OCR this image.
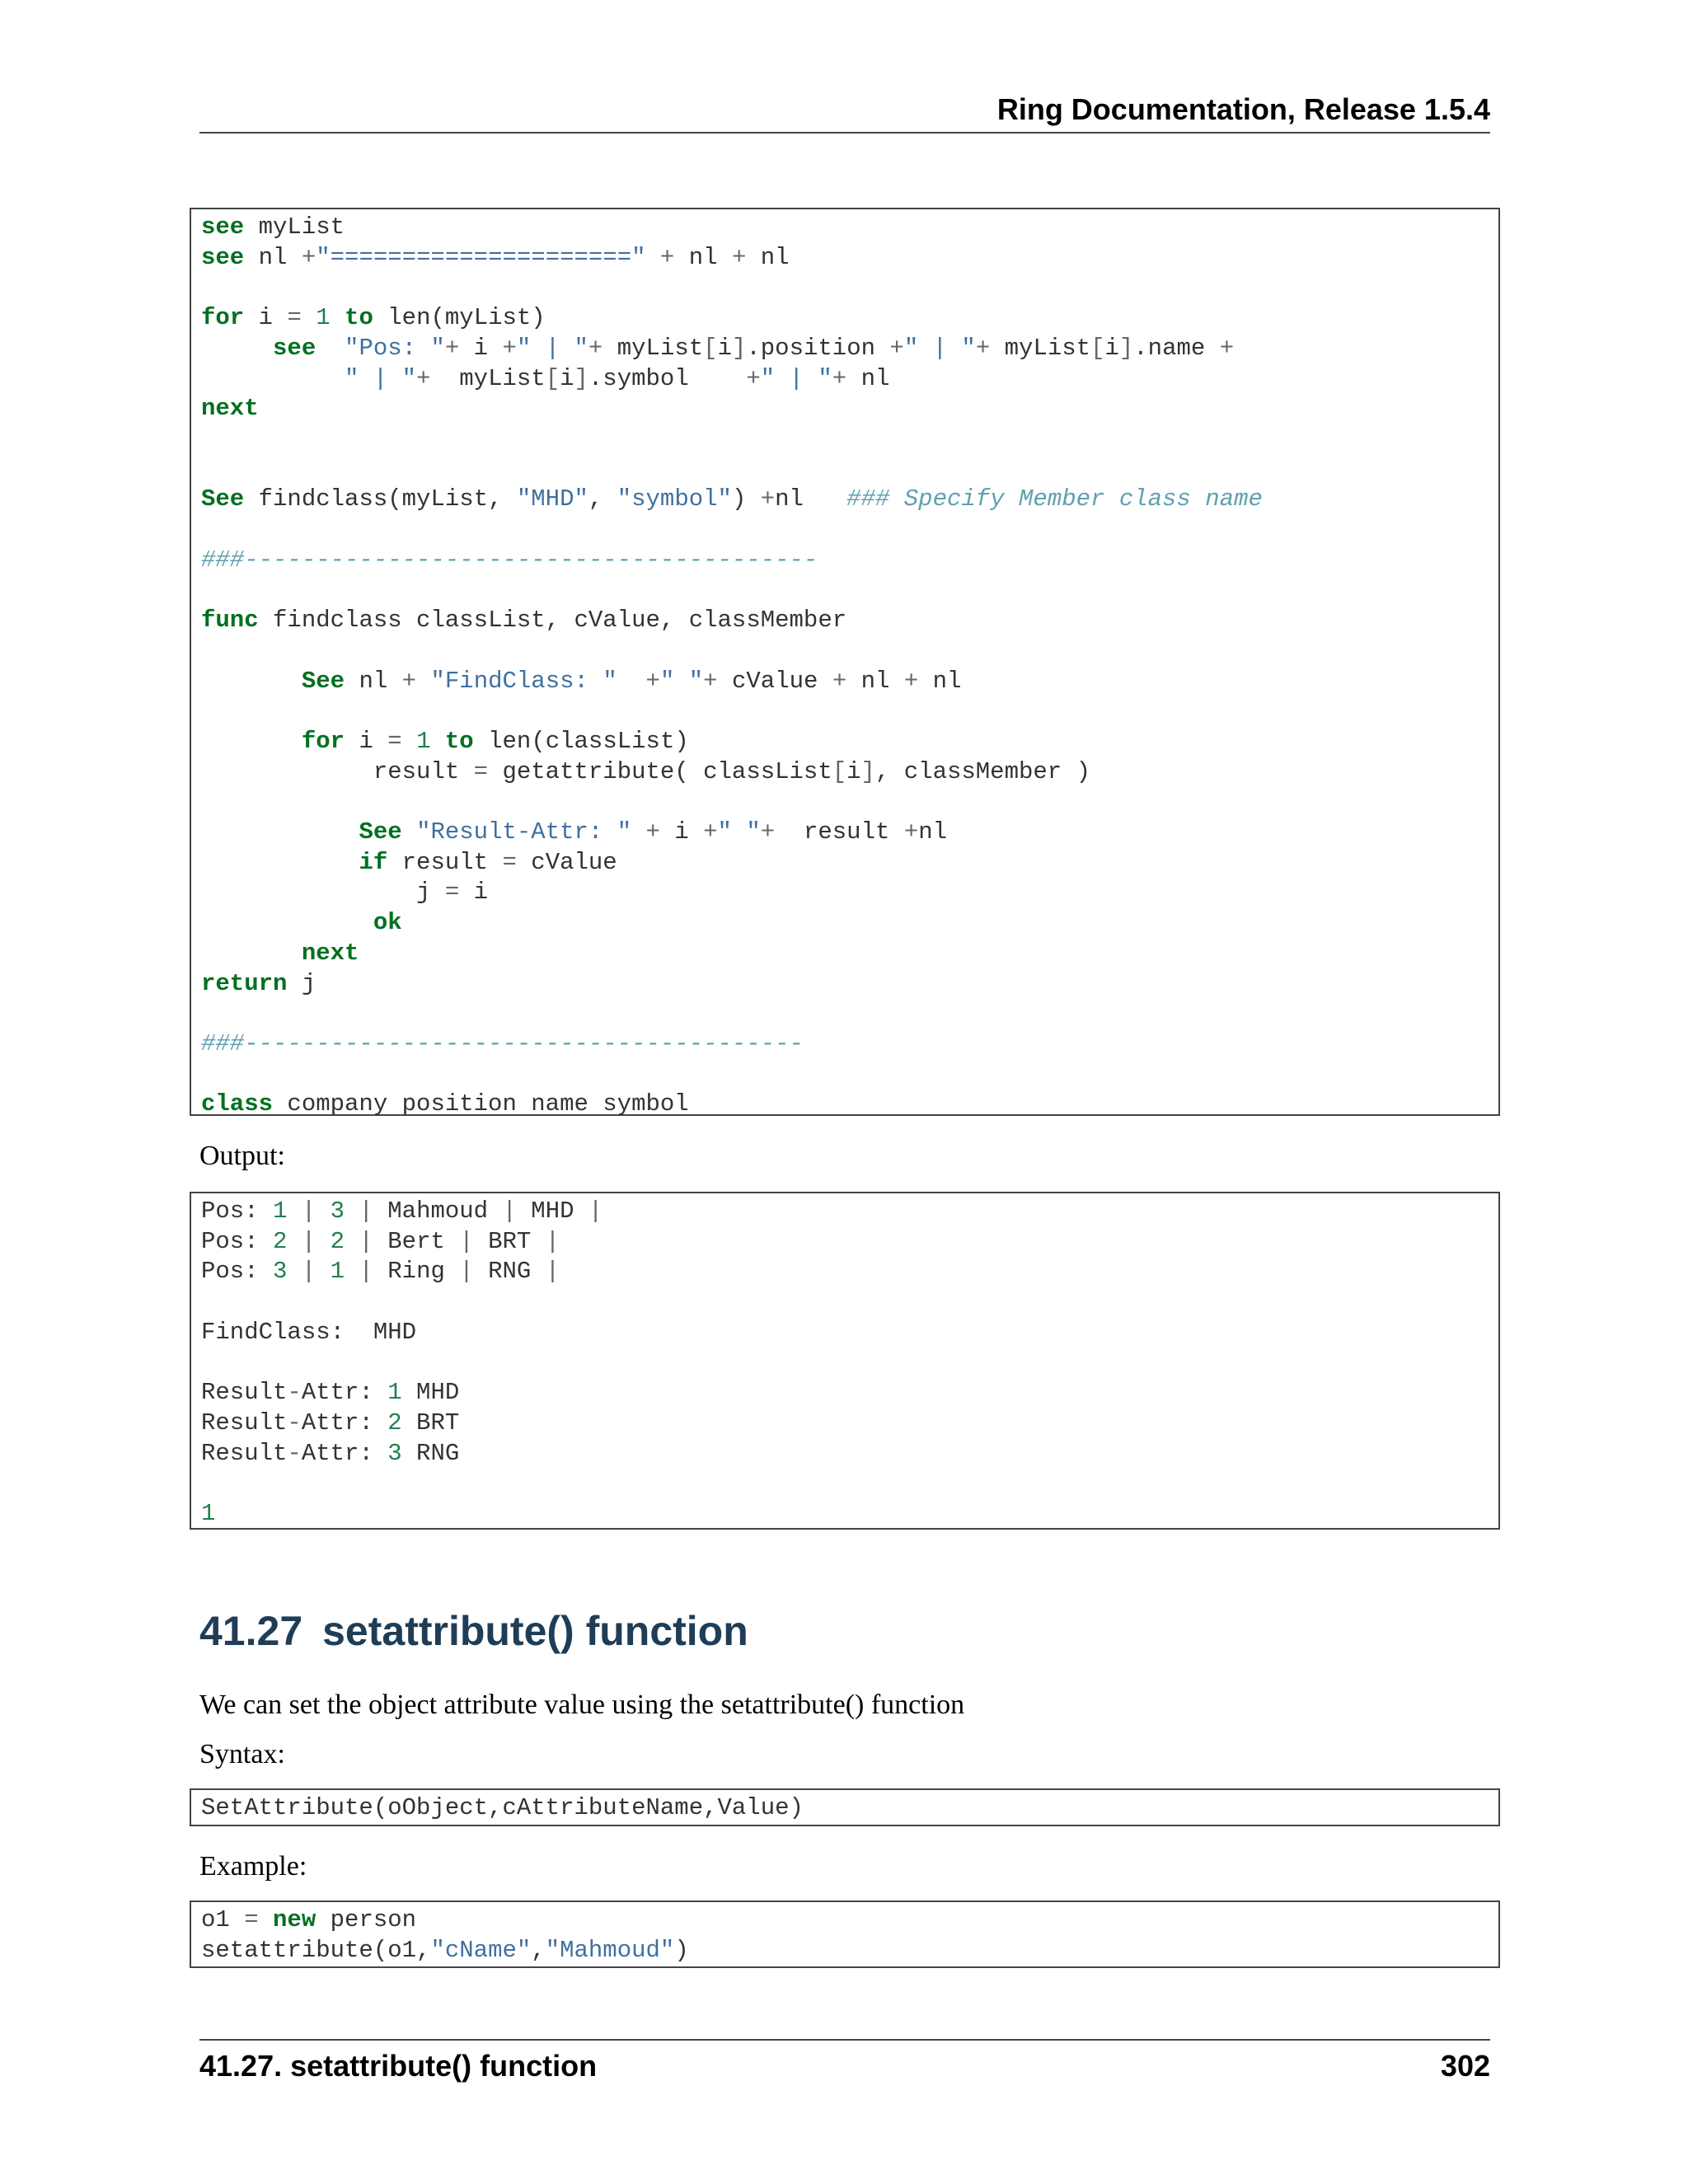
Ring Documentation, Release 1.5.4
see myList
see nl +"=====================" + nl + nl

for i = 1 to len(myList)
see "Pos: "+ i +" | "+ myList[i].position +" | "+ myList[i].name +
" | "+  myList[i].symbol    +" | "+ nl
next

See findclass(myList, "MHD", "symbol") +nl   ### Specify Member class name

###----------------------------------------

func findclass classList, cValue, classMember

See nl + "FindClass: " +" "+ cValue + nl + nl

for i = 1 to len(classList)
result = getattribute( classList[i], classMember )

See "Result-Attr: " + i +" "+  result +nl
if result = cValue
j = i
ok
next
return j

###---------------------------------------

class company position name symbol
Output:
Pos: 1 | 3 | Mahmoud | MHD |
Pos: 2 | 2 | Bert | BRT |
Pos: 3 | 1 | Ring | RNG |

FindClass:  MHD

Result-Attr: 1 MHD
Result-Attr: 2 BRT
Result-Attr: 3 RNG

1
41.27 setattribute() function
We can set the object attribute value using the setattribute() function
Syntax:
SetAttribute(oObject,cAttributeName,Value)
Example:
o1 = new person
setattribute(o1,"cName","Mahmoud")
41.27. setattribute() function	302
